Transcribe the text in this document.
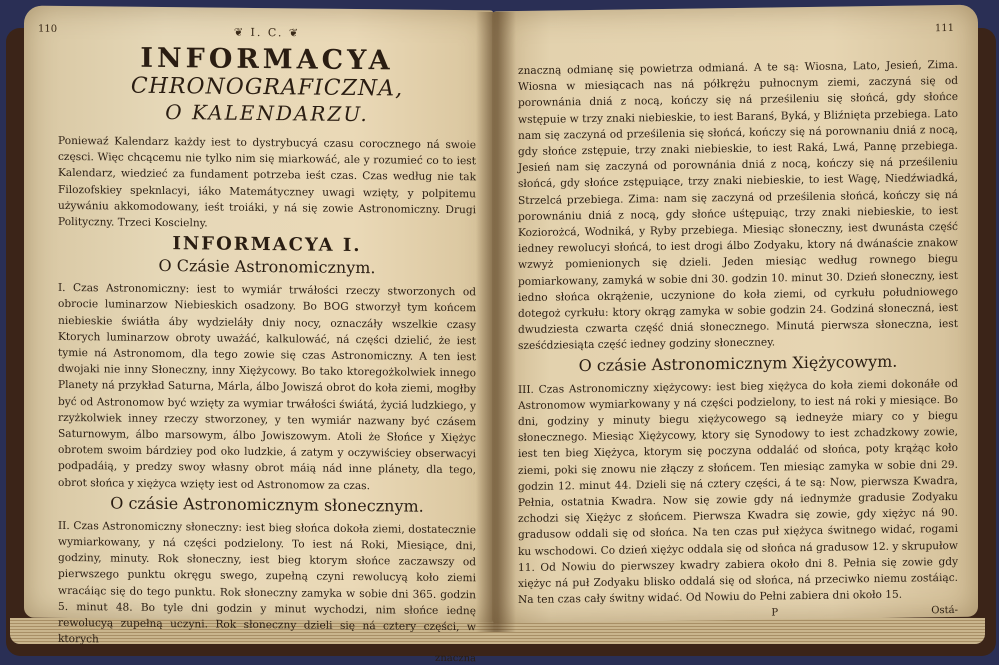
110	❦ I. C. ❦
INFORMACYA
CHRONOGRAFICZNA,
O KALENDARZU.

Poniewaź Kalendarz każdy iest to dystrybucyá czasu corocznego ná swoie częsci. Więc chcącemu nie tylko nim się miarkowáć, ale y rozumieć co to iest Kalendarz, wiedzieć za fundament potrzeba ieśt czas. Czas według nie tak Filozofskiey speknlacyi, iáko Matemátyczney uwagi wzięty, y polpitemu używániu akkomodowany, ieśt troiáki, y ná się zowie Astronomiczny. Drugi Polityczny. Trzeci Koscielny.

INFORMACYA I.
O Czásie Astronomicznym.

I. Czas Astronomiczny: iest to wymiár trwáłości rzeczy stworzonych od obrocie luminarzow Niebieskich osadzony. Bo BOG stworzył tym końcem niebieskie świátła áby wydzieláły dniy nocy, oznaczáły wszelkie czasy Ktorych luminarzow obroty uważáć, kalkulowáć, ná części dzielić, że iest tymie ná Astronomom, dla tego zowie się czas Astronomiczny. A ten iest dwojaki nie inny Słoneczny, inny Xiężycowy. Bo tako ktoregożkolwiek innego Planety ná przykład Saturna, Márla, álbo Jowiszá obrot do koła ziemi, mogłby być od Astronomow być wzięty za wymiar trwáłości świátá, życiá ludzkiego, y rzyżkolwiek inney rzeczy stworzoney, y ten wymiár nazwany być czásem Saturnowym, álbo marsowym, álbo Jowiszowym. Atoli że Słońce y Xiężyc obrotem swoim bárdziey pod oko ludzkie, á zatym y oczywiściey obserwacyi podpadáią, y predzy swoy własny obrot máią nád inne plánety, dla tego, obrot słońca y xiężyca wzięty iest od Astronomow za czas.

O czásie Astronomicznym słonecznym.

II. Czas Astronomiczny słoneczny: iest bieg słońca dokoła ziemi, dostatecznie wymiarkowany, y ná części podzielony. To iest ná Roki, Miesiące, dni, godziny, minuty. Rok słoneczny, iest bieg ktorym słońce zaczawszy od pierwszego punktu okręgu swego, zupełną czyni rewolucyą koło ziemi wracáiąc się do tego punktu. Rok słoneczny zamyka w sobie dni 365. godzin 5. minut 48. Bo tyle dni godzin y minut wychodzi, nim słońce iednę rewolucyą zupełną uczyni. Rok słoneczny dzieli się ná cztery części, w ktorych

znaczna
111

znaczną odmianę się powietrza odmianá. A te są: Wiosna, Lato, Jesień, Zima. Wiosna w miesiącach nas ná półkrężu pułnocnym ziemi, zaczyná się od porownánia dniá z nocą, kończy się ná prześileniu się słońcá, gdy słońce wstępuie w trzy znaki niebieskie, to iest Baranś, Byká, y Bliźnięta przebiega. Lato nam się zaczyná od prześilenia się słońcá, kończy się ná porownaniu dniá z nocą, gdy słońce zstępuie, trzy znaki niebieskie, to iest Raká, Lwá, Pannę przebiega. Jesień nam się zaczyná od porownánia dniá z nocą, kończy się ná prześileniu słońcá, gdy słońce zstępuiące, trzy znaki niebieskie, to iest Wagę, Niedźwiadká, Strzelcá przebiega. Zima: nam się zaczyná od prześilenia słońcá, kończy się ná porownániu dniá z nocą, gdy słońce uśtępuiąc, trzy znaki niebieskie, to iest Koziorożcá, Wodniká, y Ryby przebiega. Miesiąc słoneczny, iest dwunásta część iedney rewolucyi słońcá, to iest drogi álbo Zodyaku, ktory ná dwánaście znakow wzwyż pomienionych się dzieli. Jeden miesiąc według rownego biegu pomiarkowany, zamyká w sobie dni 30. godzin 10. minut 30. Dzień słoneczny, iest iedno słońca okrążenie, uczynione do koła ziemi, od cyrkułu południowego dotegoż cyrkułu: ktory okrąg zamyka w sobie godzin 24. Godziná słoneczná, iest dwudziesta czwarta część dniá słonecznego. Minutá pierwsza słoneczna, iest sześćdziesiąta część iedney godziny słoneczney.

O czásie Astronomicznym Xiężycowym.

III. Czas Astronomiczny xiężycowy: iest bieg xiężyca do koła ziemi dokonáłe od Astronomow wymiarkowany y ná części podzielony, to iest ná roki y miesiące. Bo dni, godziny y minuty biegu xiężycowego są iedneyże miary co y biegu słonecznego. Miesiąc Xiężycowy, ktory się Synodowy to iest zchadzkowy zowie, iest ten bieg Xiężyca, ktorym się poczyna oddaláć od słońca, poty krążąc koło ziemi, poki się znowu nie złączy z słońcem. Ten miesiąc zamyka w sobie dni 29. godzin 12. minut 44. Dzieli się ná cztery części, á te są: Now, pierwsza Kwadra, Pełnia, ostatnia Kwadra. Now się zowie gdy ná iednymże gradusie Zodyaku zchodzi się Xiężyc z słońcem. Pierwsza Kwadra się zowie, gdy xiężyc ná 90. gradusow oddali się od słońca. Na ten czas puł xiężyca świtnego widać, rogami ku wschodowi. Co dzień xiężyc oddala się od słońca ná gradusow 12. y skrupułow 11. Od Nowiu do pierwszey kwadry zabiera około dni 8. Pełnia się zowie gdy xiężyc ná puł Zodyaku blisko oddalá się od słońca, ná przeciwko niemu zostáiąc. Na ten czas cały świtny widać. Od Nowiu do Pełni zabiera dni około 15.

P	Ostá-
